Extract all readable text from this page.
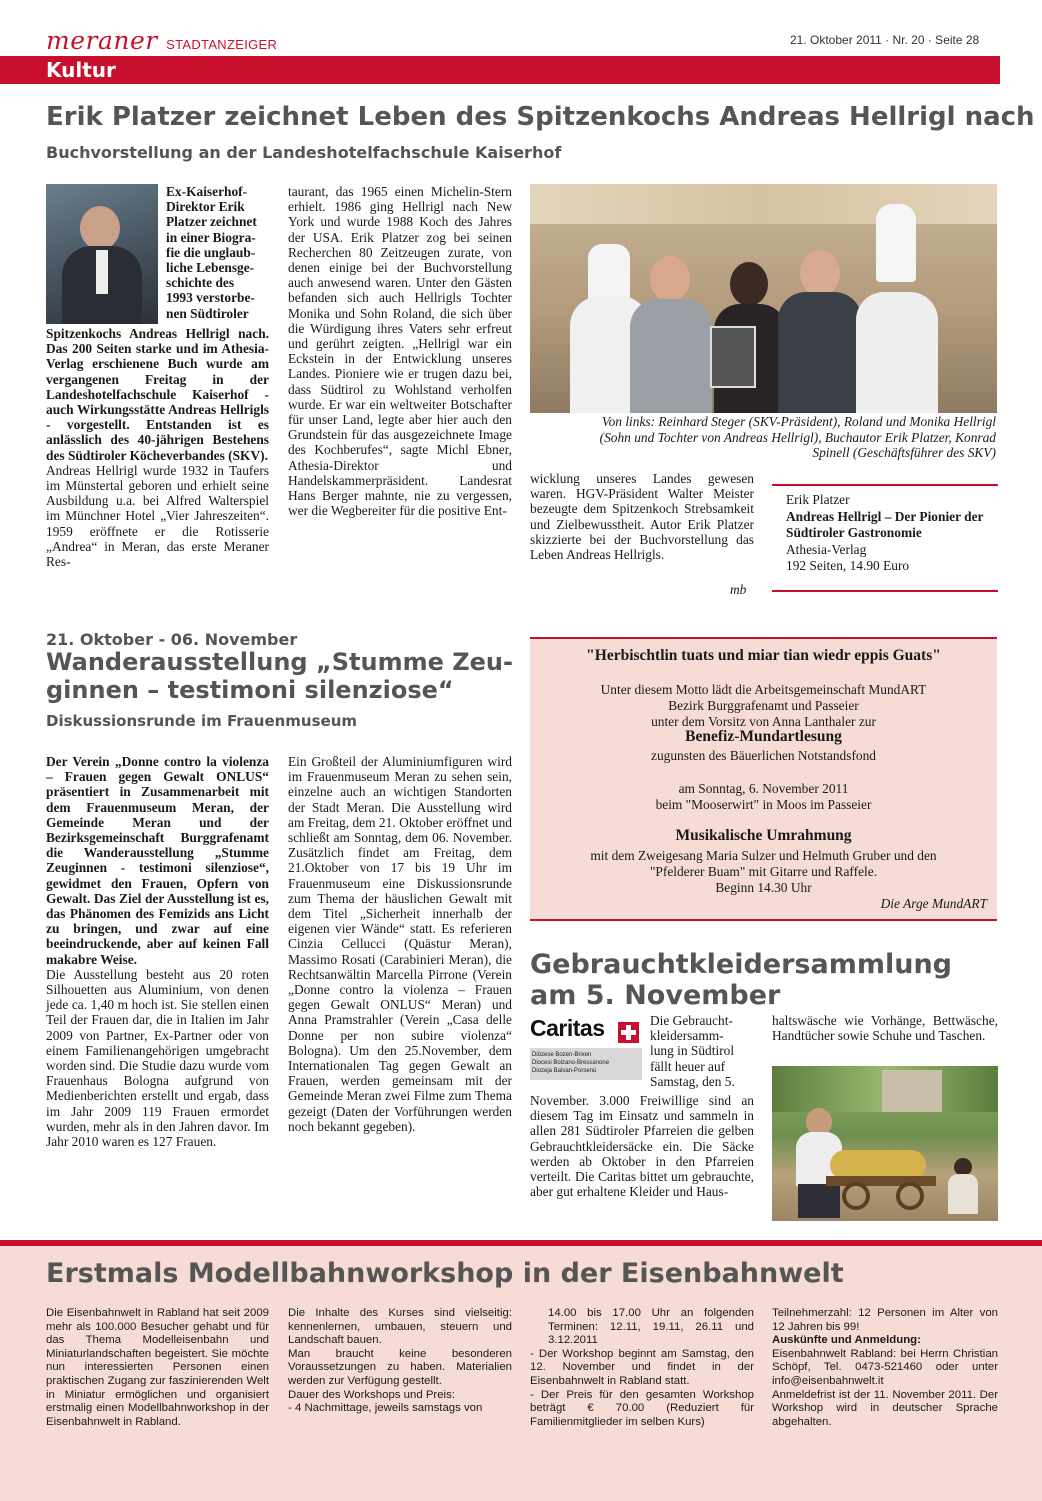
meraner STADTANZEIGER	21. Oktober 2011 · Nr. 20 · Seite 28
Kultur
Erik Platzer zeichnet Leben des Spitzenkochs Andreas Hellrigl nach
Buchvorstellung an der Landeshotelfachschule Kaiserhof

Ex-Kaiserhof-

Direktor Erik

Platzer zeichnet

in einer Biogra-

fie die unglaub-

liche Lebensge-

schichte des

1993 verstorbe-

nen Südtiroler

Spitzenkochs Andreas Hellrigl nach. Das 200 Seiten starke und im Athesia-Verlag erschienene Buch wurde am vergangenen Freitag in der Landeshotelfachschule Kaiserhof - auch Wirkungsstätte Andreas Hellrigls - vorgestellt. Entstanden ist es anlässlich des 40-jährigen Bestehens des Südtiroler Köcheverbandes (SKV).

Andreas Hellrigl wurde 1932 in Taufers im Münstertal geboren und erhielt seine Ausbildung u.a. bei Alfred Walterspiel im Münchner Hotel „Vier Jahreszeiten“. 1959 eröffnete er die Rotisserie „Andrea“ in Meran, das erste Meraner Res-

taurant, das 1965 einen Michelin-Stern erhielt. 1986 ging Hellrigl nach New York und wurde 1988 Koch des Jahres der USA. Erik Platzer zog bei seinen Recherchen 80 Zeitzeugen zurate, von denen einige bei der Buchvorstellung auch anwesend waren. Unter den Gästen befanden sich auch Hellrigls Tochter Monika und Sohn Roland, die sich über die Würdigung ihres Vaters sehr erfreut und gerührt zeigten. „Hellrigl war ein Eckstein in der Entwicklung unseres Landes. Pioniere wie er trugen dazu bei, dass Südtirol zu Wohlstand verholfen wurde. Er war ein weltweiter Botschafter für unser Land, legte aber hier auch den Grundstein für das ausgezeichnete Image des Kochberufes“, sagte Michl Ebner, Athesia-Direktor und Handelskammerpräsident. Landesrat Hans Berger mahnte, nie zu vergessen, wer die Wegbereiter für die positive Ent-
Von links: Reinhard Steger (SKV-Präsident), Roland und Monika Hellrigl (Sohn und Tochter von Andreas Hellrigl), Buchautor Erik Platzer, Konrad Spinell (Geschäftsführer des SKV)
wicklung unseres Landes gewesen waren. HGV-Präsident Walter Meister bezeugte dem Spitzenkoch Strebsamkeit und Zielbewusstheit. Autor Erik Platzer skizzierte bei der Buchvorstellung das Leben Andreas Hellrigls.
mb
Erik Platzer
Andreas Hellrigl – Der Pionier der Südtiroler Gastronomie
Athesia-Verlag
192 Seiten, 14.90 Euro
21. Oktober - 06. November
Wanderausstellung „Stumme Zeu-
ginnen – testimoni silenziose“
Diskussionsrunde im Frauenmuseum

Der Verein „Donne contro la violenza – Frauen gegen Gewalt ONLUS“ präsentiert in Zusammenarbeit mit dem Frauenmuseum Meran, der Gemeinde Meran und der Bezirksgemeinschaft Burggrafenamt die Wanderausstellung „Stumme Zeuginnen - testimoni silenziose“, gewidmet den Frauen, Opfern von Gewalt. Das Ziel der Ausstellung ist es, das Phänomen des Femizids ans Licht zu bringen, und zwar auf eine beeindruckende, aber auf keinen Fall makabre Weise.

Die Ausstellung besteht aus 20 roten Silhouetten aus Aluminium, von denen jede ca. 1,40 m hoch ist. Sie stellen einen Teil der Frauen dar, die in Italien im Jahr 2009 von Partner, Ex-Partner oder von einem Familienangehörigen umgebracht worden sind. Die Studie dazu wurde vom Frauenhaus Bologna aufgrund von Medienberichten erstellt und ergab, dass im Jahr 2009 119 Frauen ermordet wurden, mehr als in den Jahren davor. Im Jahr 2010 waren es 127 Frauen.

Ein Großteil der Aluminiumfiguren wird im Frauenmuseum Meran zu sehen sein, einzelne auch an wichtigen Standorten der Stadt Meran. Die Ausstellung wird am Freitag, dem 21. Oktober eröffnet und schließt am Sonntag, dem 06. November. Zusätzlich findet am Freitag, dem 21.Oktober von 17 bis 19 Uhr im Frauenmuseum eine Diskussionsrunde zum Thema der häuslichen Gewalt mit dem Titel „Sicherheit innerhalb der eigenen vier Wände“ statt. Es referieren Cinzia Cellucci (Quästur Meran), Massimo Rosati (Carabinieri Meran), die Rechtsanwältin Marcella Pirrone (Verein „Donne contro la violenza – Frauen gegen Gewalt ONLUS“ Meran) und Anna Pramstrahler (Verein „Casa delle Donne per non subire violenza“ Bologna). Um den 25.November, dem Internationalen Tag gegen Gewalt an Frauen, werden gemeinsam mit der Gemeinde Meran zwei Filme zum Thema gezeigt (Daten der Vorführungen werden noch bekannt gegeben).
"Herbischtlin tuats und miar tian wiedr eppis Guats"
Unter diesem Motto lädt die Arbeitsgemeinschaft MundART
Bezirk Burggrafenamt und Passeier
unter dem Vorsitz von Anna Lanthaler zur
Benefiz-Mundartlesung
zugunsten des Bäuerlichen Notstandsfond
am Sonntag, 6. November 2011
beim "Mooserwirt" in Moos im Passeier
Musikalische Umrahmung
mit dem Zweigesang Maria Sulzer und Helmuth Gruber und den
"Pfelderer Buam" mit Gitarre und Raffele.
Beginn 14.30 Uhr
Die Arge MundART
Gebrauchtkleidersammlung
am 5. November
Caritas
Diözese Bozen-Brixen
Diocesi Bolzano-Bressanone
Diozeja Balsan-Porsenú

Die Gebraucht-

kleidersamm-

lung in Südtirol

fällt heuer auf

Samstag, den 5.

November. 3.000 Freiwillige sind an diesem Tag im Einsatz und sammeln in allen 281 Südtiroler Pfarreien die gelben Gebrauchtkleidersäcke ein. Die Säcke werden ab Oktober in den Pfarreien verteilt. Die Caritas bittet um gebrauchte, aber gut erhaltene Kleider und Haus-
haltswäsche wie Vorhänge, Bettwäsche, Handtücher sowie Schuhe und Taschen.
Erstmals Modellbahnworkshop in der Eisenbahnwelt
Die Eisenbahnwelt in Rabland hat seit 2009 mehr als 100.000 Besucher gehabt und für das Thema Modelleisenbahn und Miniaturlandschaften begeistert. Sie möchte nun interessierten Personen einen praktischen Zugang zur faszinierenden Welt in Miniatur ermöglichen und organisiert erstmalig einen Modellbahnworkshop in der Eisenbahnwelt in Rabland.

Die Inhalte des Kurses sind vielseitig: kennenlernen, umbauen, steuern und Landschaft bauen.

Man braucht keine besonderen Voraussetzungen zu haben. Materialien werden zur Verfügung gestellt.

Dauer des Workshops und Preis:

- 4 Nachmittage, jeweils samstags von

14.00 bis 17.00 Uhr an folgenden Terminen: 12.11, 19.11, 26.11 und 3.12.2011

- Der Workshop beginnt am Samstag, den 12. November und findet in der Eisenbahnwelt in Rabland statt.

- Der Preis für den gesamten Workshop beträgt € 70.00 (Reduziert für Familienmitglieder im selben Kurs)

Teilnehmerzahl: 12 Personen im Alter von 12 Jahren bis 99!

Auskünfte und Anmeldung:

Eisenbahnwelt Rabland: bei Herrn Christian Schöpf, Tel. 0473-521460 oder unter info@eisenbahnwelt.it

Anmeldefrist ist der 11. November 2011. Der Workshop wird in deutscher Sprache abgehalten.
